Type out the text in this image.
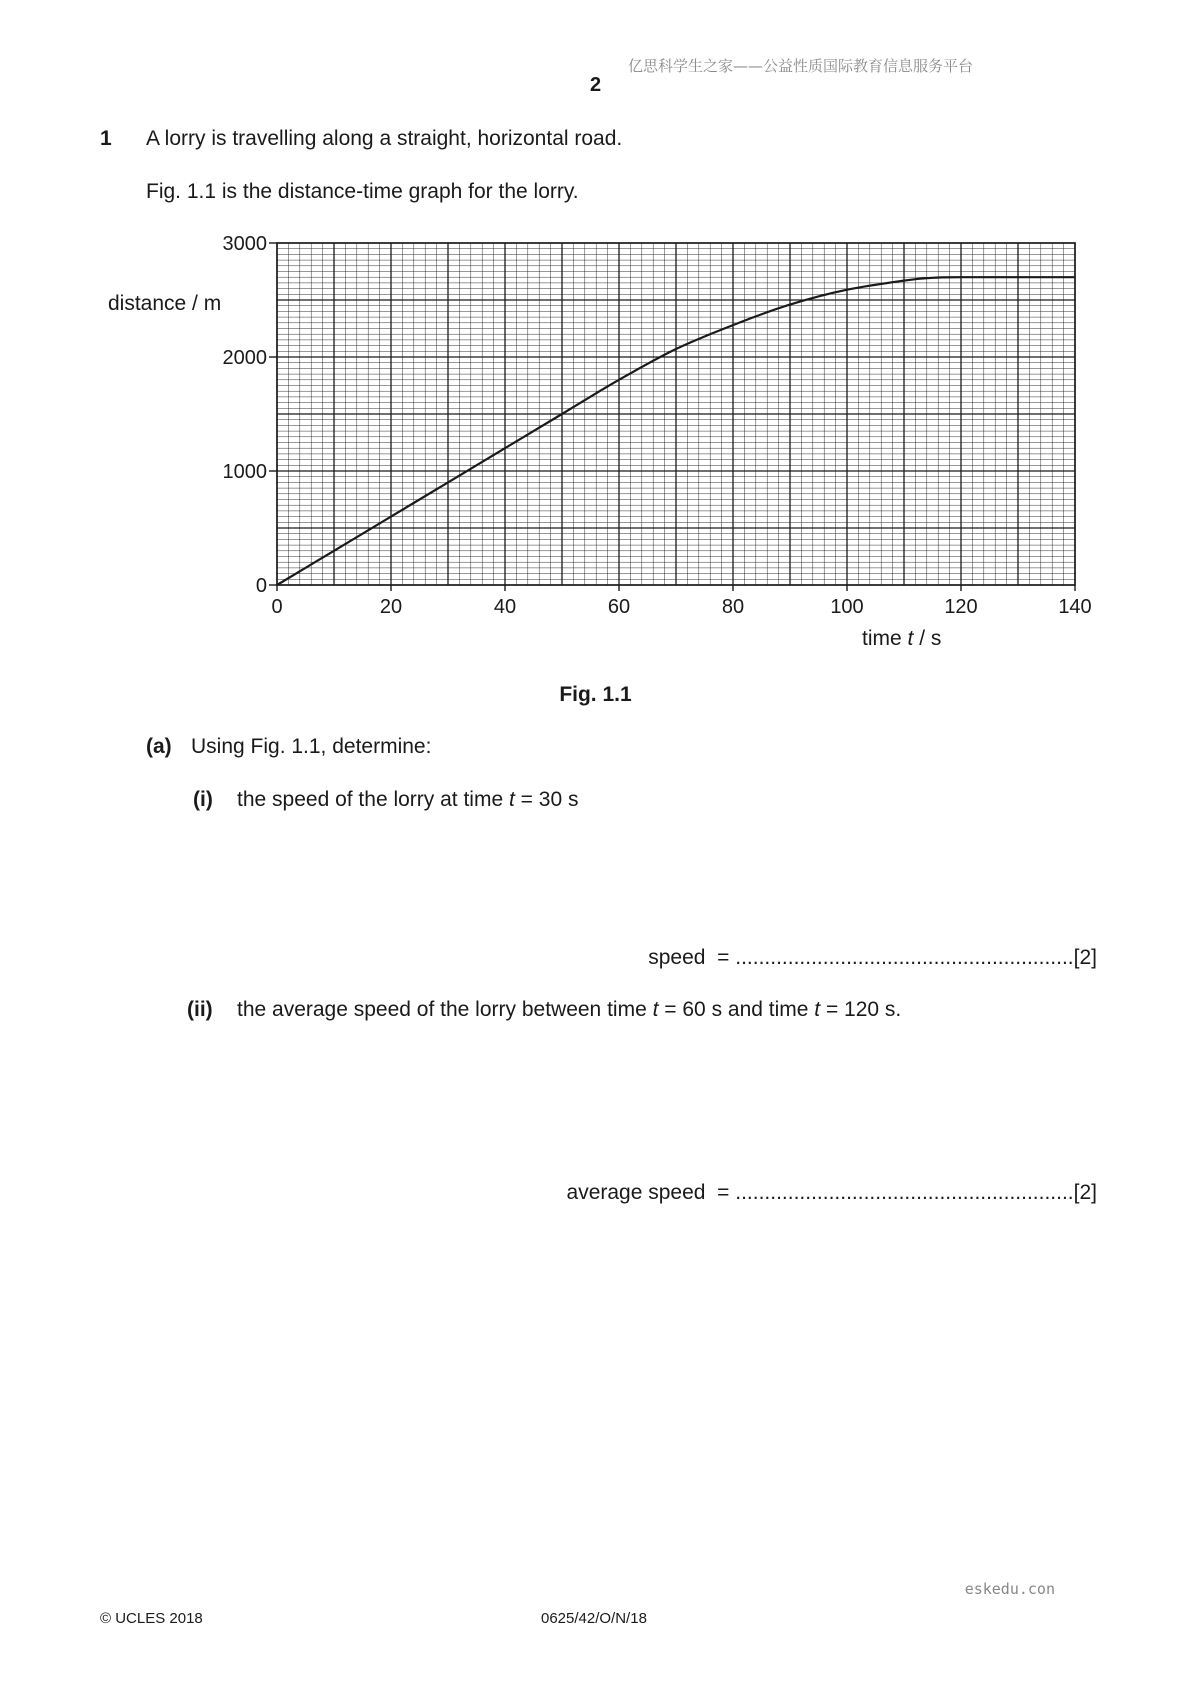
亿思科学生之家——公益性质国际教育信息服务平台
2
1 A lorry is travelling along a straight, horizontal road.
Fig. 1.1 is the distance-time graph for the lorry.
0
1000
2000
3000
0	20	40	60	80	100	120	140
distance / m
time t / s
Fig. 1.1
(a) Using Fig. 1.1, determine:
(i) the speed of the lorry at time t = 30 s
speed  = ..........................................................[2]
(ii) the average speed of the lorry between time t = 60 s and time t = 120 s.
average speed  = ..........................................................[2]
eskedu.con
© UCLES 2018	0625/42/O/N/18
